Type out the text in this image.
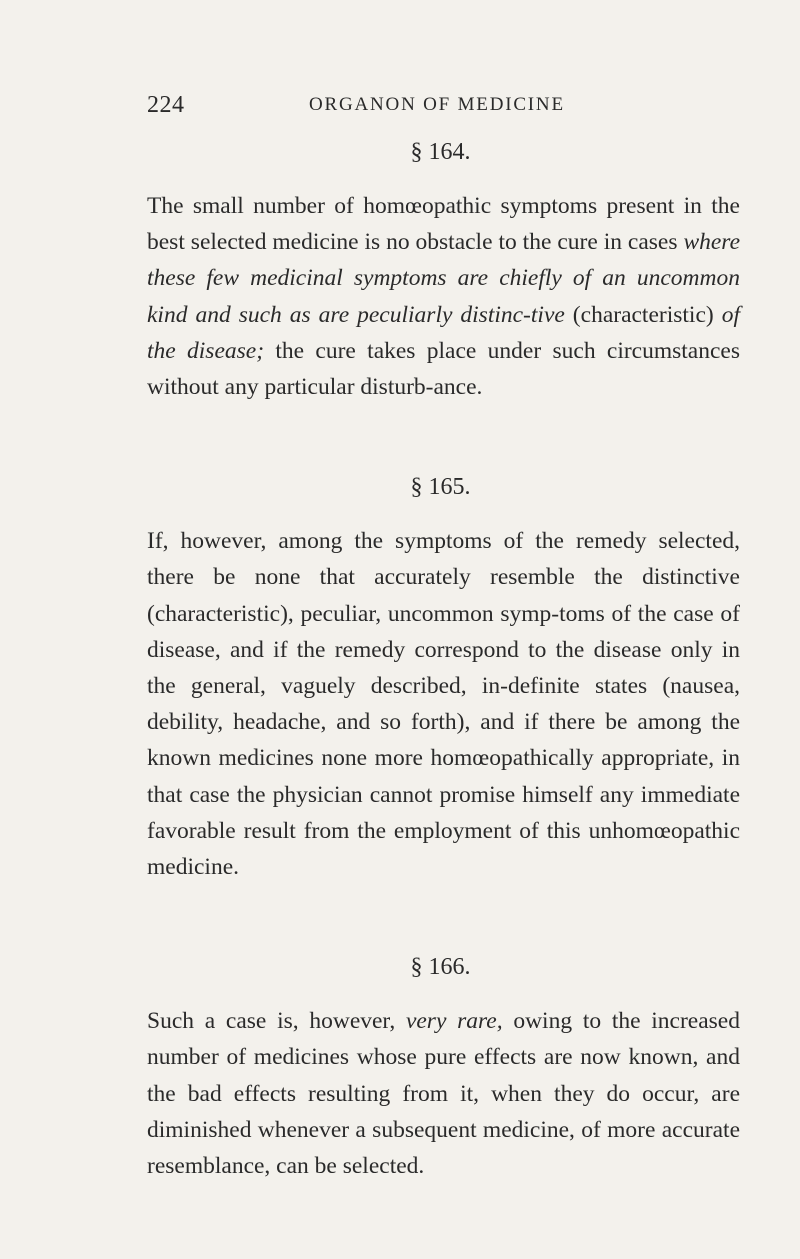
224	ORGANON OF MEDICINE
§ 164.

The small number of homœopathic symptoms present in the best selected medicine is no obstacle to the cure in cases where these few medicinal symptoms are chiefly of an uncommon kind and such as are peculiarly distinc-tive (characteristic) of the disease; the cure takes place under such circumstances without any particular disturb-ance.

§ 165.

If, however, among the symptoms of the remedy selected, there be none that accurately resemble the distinctive (characteristic), peculiar, uncommon symp-toms of the case of disease, and if the remedy correspond to the disease only in the general, vaguely described, in-definite states (nausea, debility, headache, and so forth), and if there be among the known medicines none more homœopathically appropriate, in that case the physician cannot promise himself any immediate favorable result from the employment of this unhomœopathic medicine.

§ 166.

Such a case is, however, very rare, owing to the increased number of medicines whose pure effects are now known, and the bad effects resulting from it, when they do occur, are diminished whenever a subsequent medicine, of more accurate resemblance, can be selected.
